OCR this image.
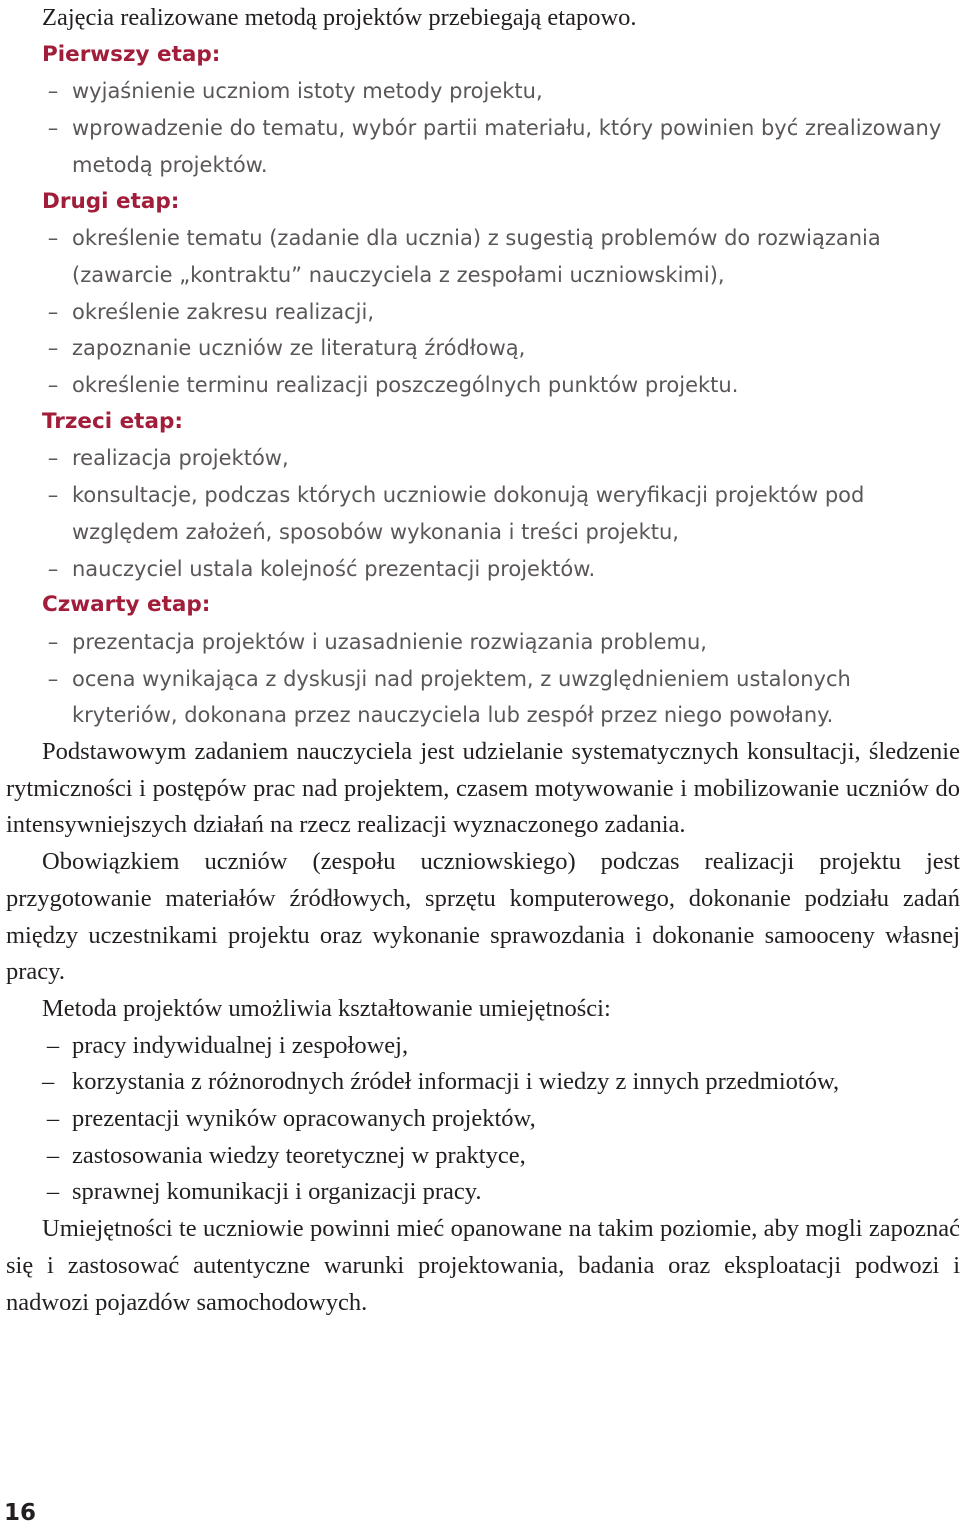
Zajęcia realizowane metodą projektów przebiegają etapowo.
Pierwszy etap:
– wyjaśnienie uczniom istoty metody projektu,
– wprowadzenie do tematu, wybór partii materiału, który powinien być zrealizowany metodą projektów.
Drugi etap:
– określenie tematu (zadanie dla ucznia) z sugestią problemów do rozwiązania (zawarcie „kontraktu” nauczyciela z zespołami uczniowskimi),
– określenie zakresu realizacji,
– zapoznanie uczniów ze literaturą źródłową,
– określenie terminu realizacji poszczególnych punktów projektu.
Trzeci etap:
– realizacja projektów,
– konsultacje, podczas których uczniowie dokonują weryfikacji projektów pod względem założeń, sposobów wykonania i treści projektu,
– nauczyciel ustala kolejność prezentacji projektów.
Czwarty etap:
– prezentacja projektów i uzasadnienie rozwiązania problemu,
– ocena wynikająca z dyskusji nad projektem, z uwzględnieniem ustalonych kryteriów, dokonana przez nauczyciela lub zespół przez niego powołany.
Podstawowym zadaniem nauczyciela jest udzielanie systematycznych konsultacji, śledzenie rytmiczności i postępów prac nad projektem, czasem motywowanie i mobilizowanie uczniów do intensywniejszych działań na rzecz realizacji wyznaczonego zadania.
Obowiązkiem uczniów (zespołu uczniowskiego) podczas realizacji projektu jest przygotowanie materiałów źródłowych, sprzętu komputerowego, dokonanie podziału zadań między uczestnikami projektu oraz wykonanie sprawozdania i dokonanie samooceny własnej pracy.
Metoda projektów umożliwia kształtowanie umiejętności:
– pracy indywidualnej i zespołowej,
– korzystania z różnorodnych źródeł informacji i wiedzy z innych przedmiotów,
– prezentacji wyników opracowanych projektów,
– zastosowania wiedzy teoretycznej w praktyce,
– sprawnej komunikacji i organizacji pracy.
Umiejętności te uczniowie powinni mieć opanowane na takim poziomie, aby mogli zapoznać się i zastosować autentyczne warunki projektowania, badania oraz eksploatacji podwozi i nadwozi pojazdów samochodowych.
16
